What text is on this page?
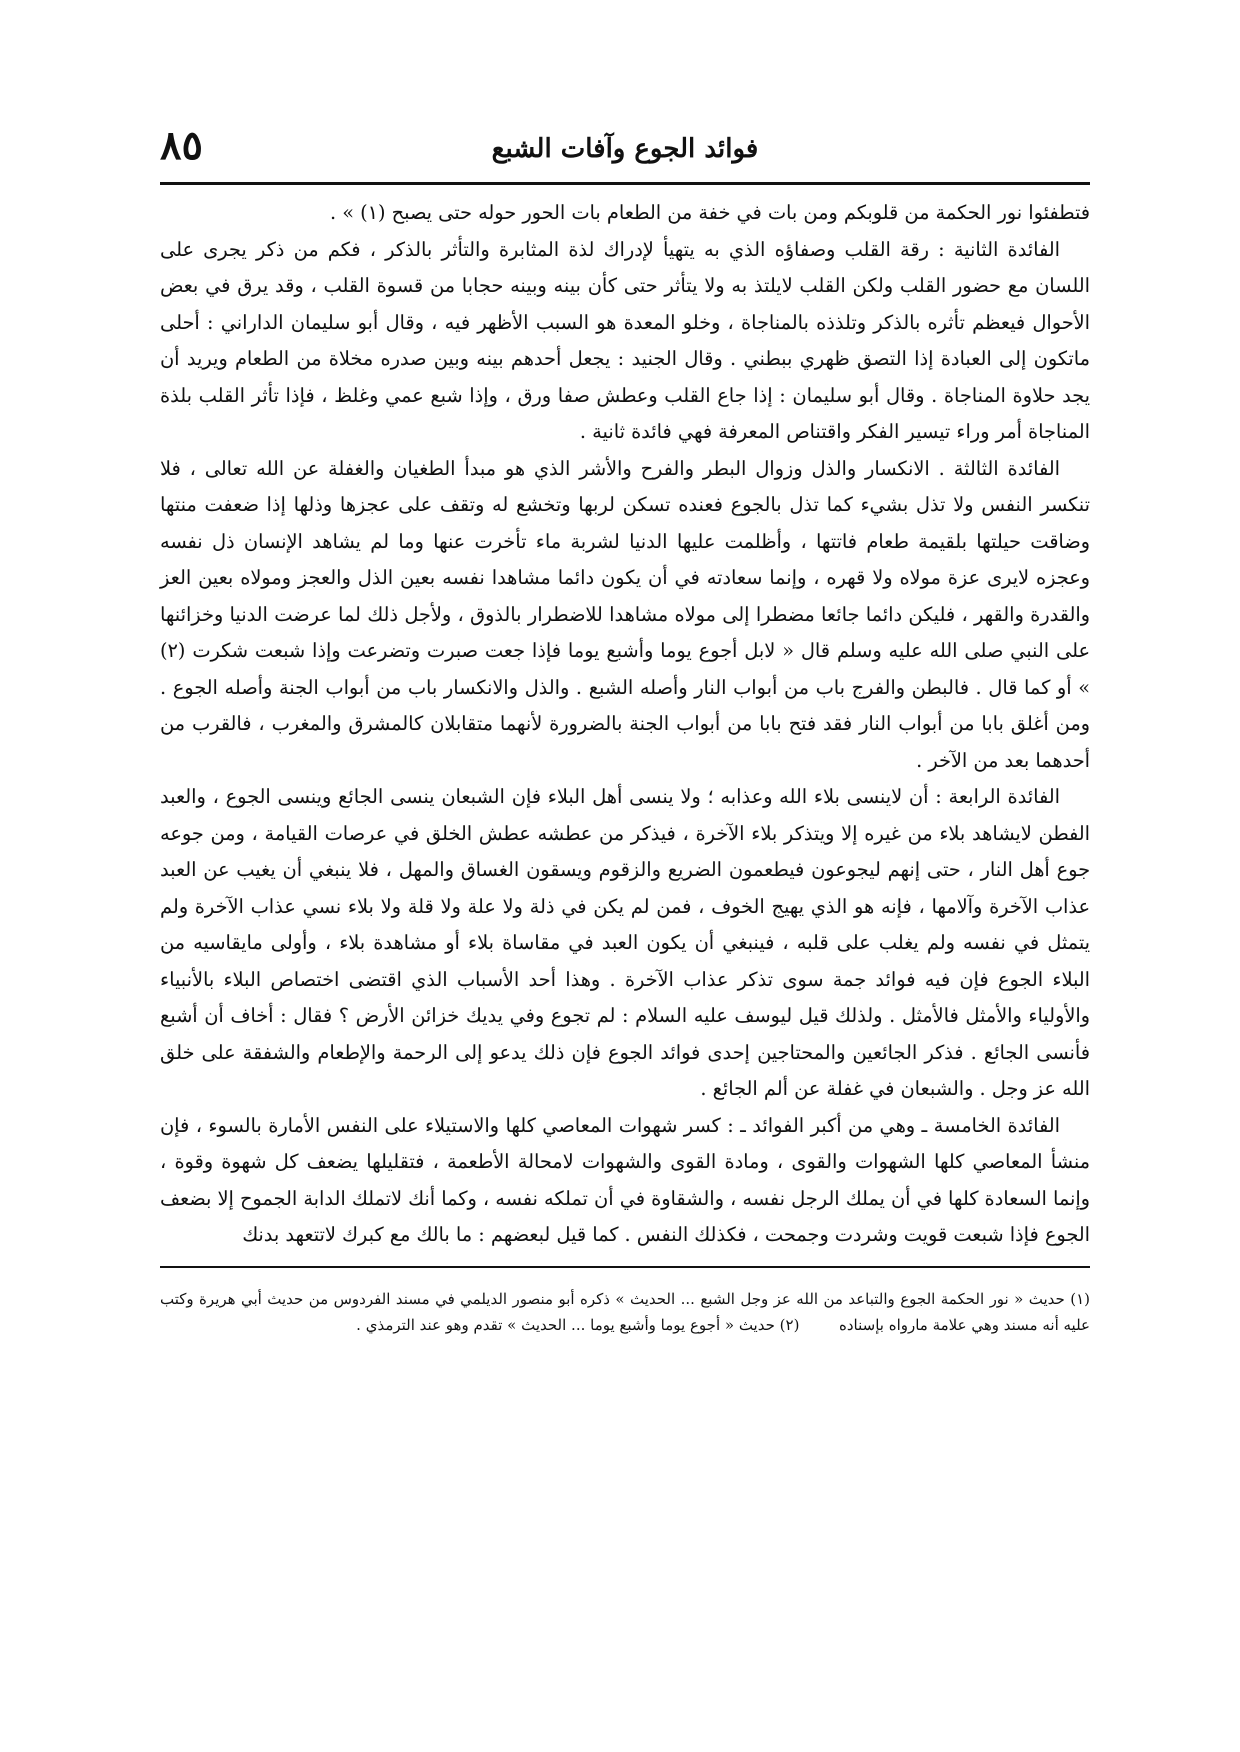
فوائد الجوع وآفات الشبع
٨٥

فتطفئوا نور الحكمة من قلوبكم ومن بات في خفة من الطعام بات الحور حوله حتى يصبح (١) » .

الفائدة الثانية : رقة القلب وصفاؤه الذي به يتهيأ لإدراك لذة المثابرة والتأثر بالذكر ، فكم من ذكر يجرى على اللسان مع حضور القلب ولكن القلب لايلتذ به ولا يتأثر حتى كأن بينه وبينه حجابا من قسوة القلب ، وقد يرق في بعض الأحوال فيعظم تأثره بالذكر وتلذذه بالمناجاة ، وخلو المعدة هو السبب الأظهر فيه ، وقال أبو سليمان الداراني : أحلى ماتكون إلى العبادة إذا التصق ظهري ببطني . وقال الجنيد : يجعل أحدهم بينه وبين صدره مخلاة من الطعام ويريد أن يجد حلاوة المناجاة . وقال أبو سليمان : إذا جاع القلب وعطش صفا ورق ، وإذا شبع عمي وغلظ ، فإذا تأثر القلب بلذة المناجاة أمر وراء تيسير الفكر واقتناص المعرفة فهي فائدة ثانية .

الفائدة الثالثة . الانكسار والذل وزوال البطر والفرح والأشر الذي هو مبدأ الطغيان والغفلة عن الله تعالى ، فلا تنكسر النفس ولا تذل بشيء كما تذل بالجوع فعنده تسكن لربها وتخشع له وتقف على عجزها وذلها إذا ضعفت منتها وضاقت حيلتها بلقيمة طعام فاتتها ، وأظلمت عليها الدنيا لشربة ماء تأخرت عنها وما لم يشاهد الإنسان ذل نفسه وعجزه لايرى عزة مولاه ولا قهره ، وإنما سعادته في أن يكون دائما مشاهدا نفسه بعين الذل والعجز ومولاه بعين العز والقدرة والقهر ، فليكن دائما جائعا مضطرا إلى مولاه مشاهدا للاضطرار بالذوق ، ولأجل ذلك لما عرضت الدنيا وخزائنها على النبي صلى الله عليه وسلم قال « لابل أجوع يوما وأشبع يوما فإذا جعت صبرت وتضرعت وإذا شبعت شكرت (٢) » أو كما قال . فالبطن والفرج باب من أبواب النار وأصله الشبع . والذل والانكسار باب من أبواب الجنة وأصله الجوع . ومن أغلق بابا من أبواب النار فقد فتح بابا من أبواب الجنة بالضرورة لأنهما متقابلان كالمشرق والمغرب ، فالقرب من أحدهما بعد من الآخر .

الفائدة الرابعة : أن لاينسى بلاء الله وعذابه ؛ ولا ينسى أهل البلاء فإن الشبعان ينسى الجائع وينسى الجوع ، والعبد الفطن لايشاهد بلاء من غيره إلا ويتذكر بلاء الآخرة ، فيذكر من عطشه عطش الخلق في عرصات القيامة ، ومن جوعه جوع أهل النار ، حتى إنهم ليجوعون فيطعمون الضريع والزقوم ويسقون الغساق والمهل ، فلا ينبغي أن يغيب عن العبد عذاب الآخرة وآلامها ، فإنه هو الذي يهيج الخوف ، فمن لم يكن في ذلة ولا علة ولا قلة ولا بلاء نسي عذاب الآخرة ولم يتمثل في نفسه ولم يغلب على قلبه ، فينبغي أن يكون العبد في مقاساة بلاء أو مشاهدة بلاء ، وأولى مايقاسيه من البلاء الجوع فإن فيه فوائد جمة سوى تذكر عذاب الآخرة . وهذا أحد الأسباب الذي اقتضى اختصاص البلاء بالأنبياء والأولياء والأمثل فالأمثل . ولذلك قيل ليوسف عليه السلام : لم تجوع وفي يديك خزائن الأرض ؟ فقال : أخاف أن أشبع فأنسى الجائع . فذكر الجائعين والمحتاجين إحدى فوائد الجوع فإن ذلك يدعو إلى الرحمة والإطعام والشفقة على خلق الله عز وجل . والشبعان في غفلة عن ألم الجائع .

الفائدة الخامسة ـ وهي من أكبر الفوائد ـ : كسر شهوات المعاصي كلها والاستيلاء على النفس الأمارة بالسوء ، فإن منشأ المعاصي كلها الشهوات والقوى ، ومادة القوى والشهوات لامحالة الأطعمة ، فتقليلها يضعف كل شهوة وقوة ، وإنما السعادة كلها في أن يملك الرجل نفسه ، والشقاوة في أن تملكه نفسه ، وكما أنك لاتملك الدابة الجموح إلا بضعف الجوع فإذا شبعت قويت وشردت وجمحت ، فكذلك النفس . كما قيل لبعضهم : ما بالك مع كبرك لاتتعهد بدنك

(١) حديث « نور الحكمة الجوع والتباعد من الله عز وجل الشبع ... الحديث » ذكره أبو منصور الديلمي في مسند الفردوس من حديث أبي هريرة وكتب عليه أنه مسند وهي علامة مارواه بإسناده  (٢) حديث « أجوع يوما وأشبع يوما ... الحديث » تقدم وهو عند الترمذي .
